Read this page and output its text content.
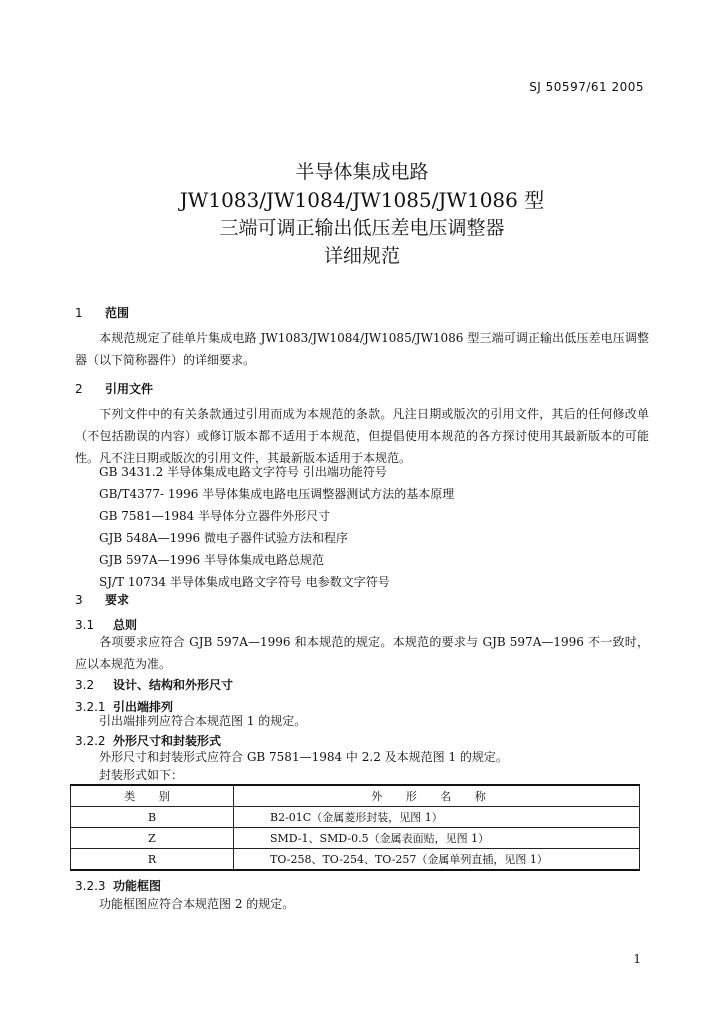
SJ 50597/61 2005
半导体集成电路
JW1083/JW1084/JW1085/JW1086 型
三端可调正输出低压差电压调整器
详细规范
1 范围
本规范规定了硅单片集成电路 JW1083/JW1084/JW1085/JW1086 型三端可调正输出低压差电压调整器（以下简称器件）的详细要求。
2 引用文件
下列文件中的有关条款通过引用而成为本规范的条款。凡注日期或版次的引用文件，其后的任何修改单（不包括勘误的内容）或修订版本都不适用于本规范，但提倡使用本规范的各方探讨使用其最新版本的可能性。凡不注日期或版次的引用文件，其最新版本适用于本规范。
GB 3431.2 半导体集成电路文字符号 引出端功能符号
GB/T4377- 1996 半导体集成电路电压调整器测试方法的基本原理
GB 7581—1984 半导体分立器件外形尺寸
GJB 548A—1996 微电子器件试验方法和程序
GJB 597A—1996 半导体集成电路总规范
SJ/T 10734 半导体集成电路文字符号 电参数文字符号
3 要求
3.1 总则
各项要求应符合 GJB 597A—1996 和本规范的规定。本规范的要求与 GJB 597A—1996 不一致时，应以本规范为准。
3.2 设计、结构和外形尺寸
3.2.1 引出端排列
引出端排列应符合本规范图 1 的规定。
3.2.2 外形尺寸和封装形式
外形尺寸和封装形式应符合 GB 7581—1984 中 2.2 及本规范图 1 的规定。
封装形式如下：
类 别	外 形 名 称
B	B2-01C（金属菱形封装，见图 1）
Z	SMD-1、SMD-0.5（金属表面贴，见图 1）
R	TO-258、TO-254、TO-257（金属单列直插，见图 1）
3.2.3 功能框图
功能框图应符合本规范图 2 的规定。
1
